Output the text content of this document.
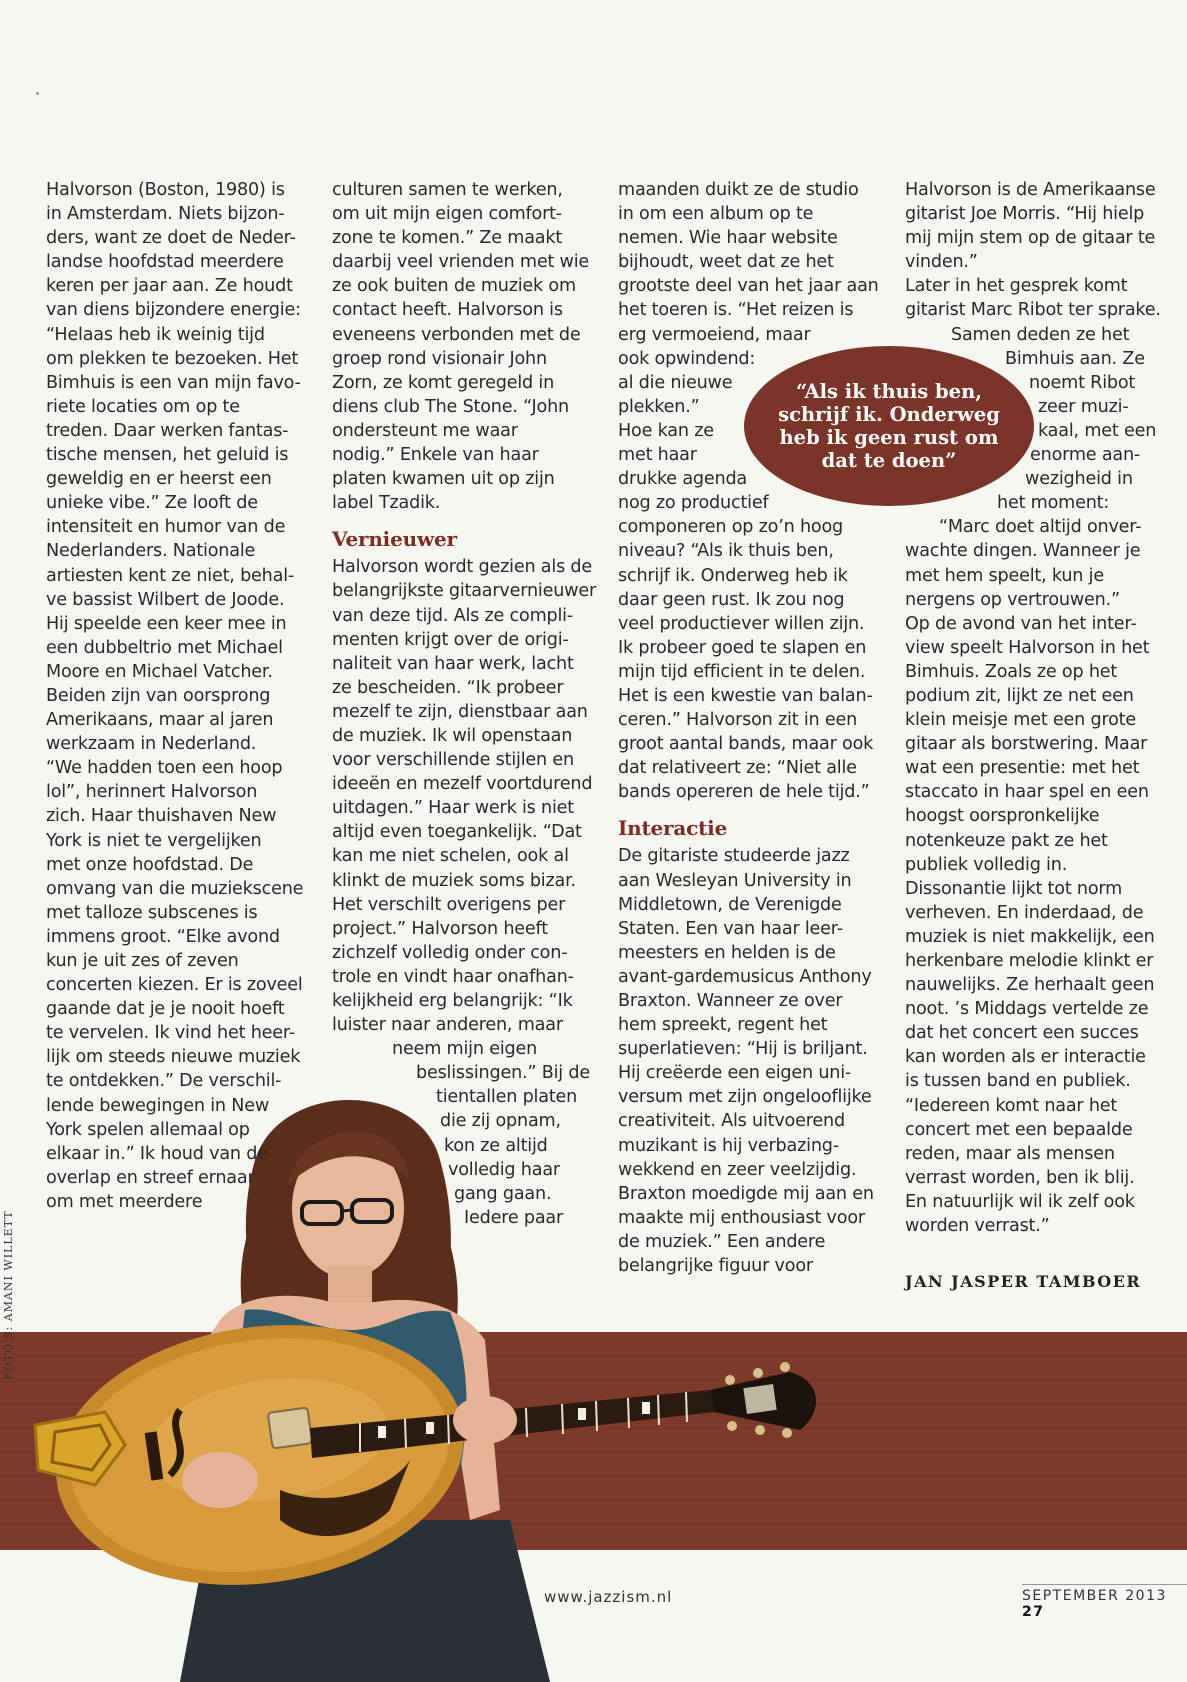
FOTO'S: AMANI WILLETT

Halvorson (Boston, 1980) is
in Amsterdam. Niets bijzon-
ders, want ze doet de Neder-
landse hoofdstad meerdere
keren per jaar aan. Ze houdt
van diens bijzondere energie:
“Helaas heb ik weinig tijd
om plekken te bezoeken. Het
Bimhuis is een van mijn favo-
riete locaties om op te
treden. Daar werken fantas-
tische mensen, het geluid is
geweldig en er heerst een
unieke vibe.” Ze looft de
intensiteit en humor van de
Nederlanders. Nationale
artiesten kent ze niet, behal-
ve bassist Wilbert de Joode.
Hij speelde een keer mee in
een dubbeltrio met Michael
Moore en Michael Vatcher.
Beiden zijn van oorsprong
Amerikaans, maar al jaren
werkzaam in Nederland.
“We hadden toen een hoop
lol”, herinnert Halvorson
zich. Haar thuishaven New
York is niet te vergelijken
met onze hoofdstad. De
omvang van die muziekscene
met talloze subscenes is
immens groot. “Elke avond
kun je uit zes of zeven
concerten kiezen. Er is zoveel
gaande dat je je nooit hoeft
te vervelen. Ik vind het heer-
lijk om steeds nieuwe muziek
te ontdekken.” De verschil-
lende bewegingen in New
York spelen allemaal op
elkaar in.” Ik houd van de
overlap en streef ernaar
om met meerdere

culturen samen te werken,
om uit mijn eigen comfort-
zone te komen.” Ze maakt
daarbij veel vrienden met wie
ze ook buiten de muziek om
contact heeft. Halvorson is
eveneens verbonden met de
groep rond visionair John
Zorn, ze komt geregeld in
diens club The Stone. “John
ondersteunt me waar
nodig.” Enkele van haar
platen kwamen uit op zijn
label Tzadik.

Vernieuwer

Halvorson wordt gezien als de
belangrijkste gitaarvernieuwer
van deze tijd. Als ze compli-
menten krijgt over de origi-
naliteit van haar werk, lacht
ze bescheiden. “Ik probeer
mezelf te zijn, dienstbaar aan
de muziek. Ik wil openstaan
voor verschillende stijlen en
ideeën en mezelf voortdurend
uitdagen.” Haar werk is niet
altijd even toegankelijk. “Dat
kan me niet schelen, ook al
klinkt de muziek soms bizar.
Het verschilt overigens per
project.” Halvorson heeft
zichzelf volledig onder con-
trole en vindt haar onafhan-
kelijkheid erg belangrijk: “Ik
luister naar anderen, maar

neem mijn eigen
beslissingen.” Bij de
tientallen platen
die zij opnam,
kon ze altijd
volledig haar
gang gaan.
Iedere paar

maanden duikt ze de studio
in om een album op te
nemen. Wie haar website
bijhoudt, weet dat ze het
grootste deel van het jaar aan
het toeren is. “Het reizen is
erg vermoeiend, maar
ook opwindend:
al die nieuwe
plekken.”
Hoe kan ze
met haar
drukke agenda
nog zo productief
componeren op zo’n hoog
niveau? “Als ik thuis ben,
schrijf ik. Onderweg heb ik
daar geen rust. Ik zou nog
veel productiever willen zijn.
Ik probeer goed te slapen en
mijn tijd efficient in te delen.
Het is een kwestie van balan-
ceren.” Halvorson zit in een
groot aantal bands, maar ook
dat relativeert ze: “Niet alle
bands opereren de hele tijd.”

Interactie

De gitariste studeerde jazz
aan Wesleyan University in
Middletown, de Verenigde
Staten. Een van haar leer-
meesters en helden is de
avant-gardemusicus Anthony
Braxton. Wanneer ze over
hem spreekt, regent het
superlatieven: “Hij is briljant.
Hij creëerde een eigen uni-
versum met zijn ongelooflijke
creativiteit. Als uitvoerend
muzikant is hij verbazing-
wekkend en zeer veelzijdig.
Braxton moedigde mij aan en
maakte mij enthousiast voor
de muziek.” Een andere
belangrijke figuur voor

Halvorson is de Amerikaanse
gitarist Joe Morris. “Hij hielp
mij mijn stem op de gitaar te
vinden.”
Later in het gesprek komt
gitarist Marc Ribot ter sprake.

Samen deden ze het
Bimhuis aan. Ze
noemt Ribot
zeer muzi-
kaal, met een
enorme aan-
wezigheid in
het moment:
“Marc doet altijd onver-

wachte dingen. Wanneer je
met hem speelt, kun je
nergens op vertrouwen.”
Op de avond van het inter-
view speelt Halvorson in het
Bimhuis. Zoals ze op het
podium zit, lijkt ze net een
klein meisje met een grote
gitaar als borstwering. Maar
wat een presentie: met het
staccato in haar spel en een
hoogst oorspronkelijke
notenkeuze pakt ze het
publiek volledig in.
Dissonantie lijkt tot norm
verheven. En inderdaad, de
muziek is niet makkelijk, een
herkenbare melodie klinkt er
nauwelijks. Ze herhaalt geen
noot. ’s Middags vertelde ze
dat het concert een succes
kan worden als er interactie
is tussen band en publiek.
“Iedereen komt naar het
concert met een bepaalde
reden, maar als mensen
verrast worden, ben ik blij.
En natuurlijk wil ik zelf ook
worden verrast.”

“Als ik thuis ben, schrijf ik. Onderweg heb ik geen rust om dat te doen”
JAN JASPER TAMBOER
www.jazzism.nl	SEPTEMBER 2013 27
